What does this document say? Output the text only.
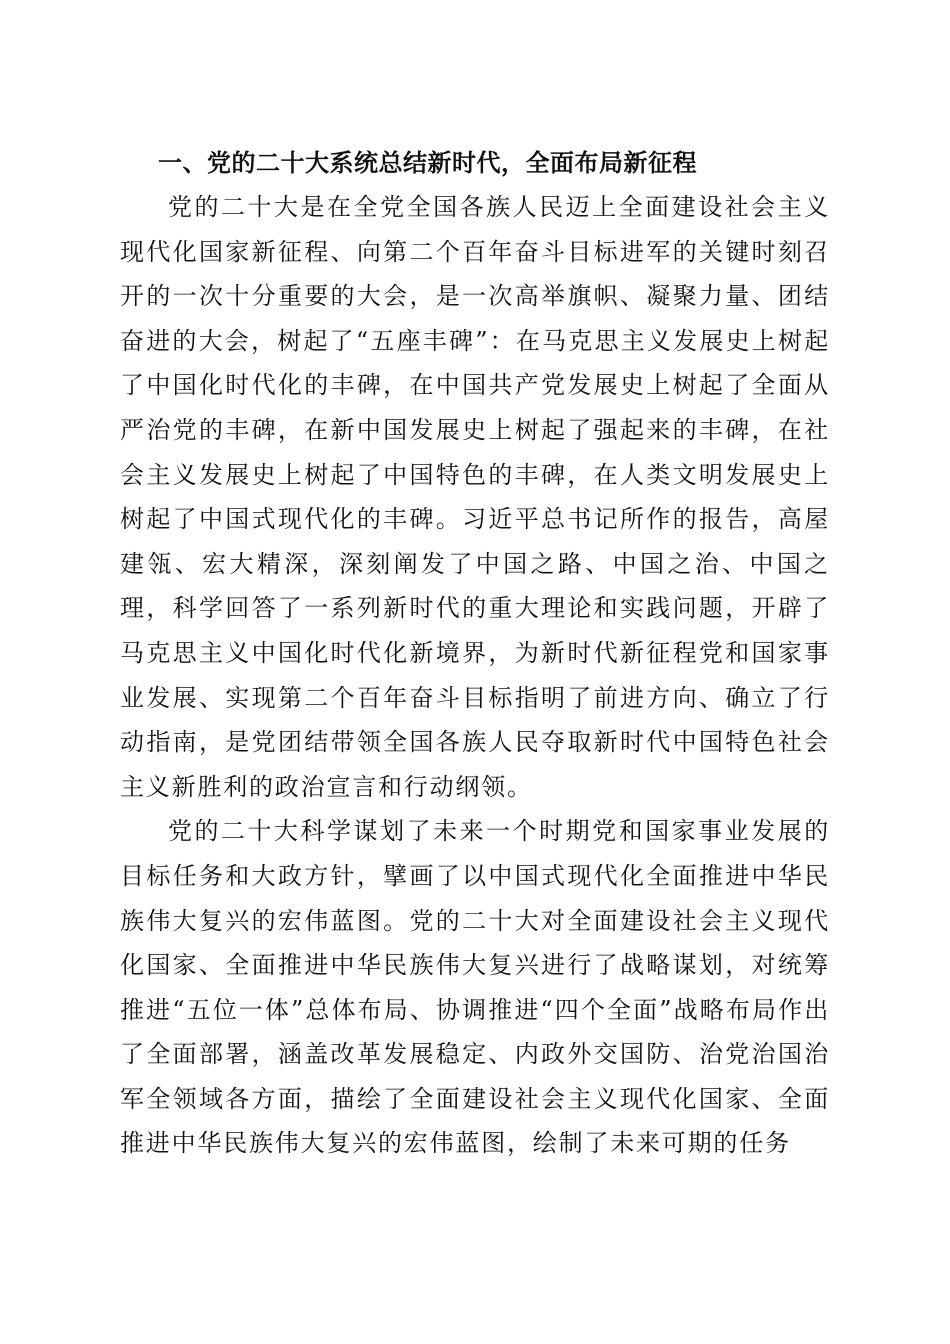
一、党的二十大系统总结新时代，全面布局新征程

党的二十大是在全党全国各族人民迈上全面建设社会主义现代化国家新征程、向第二个百年奋斗目标进军的关键时刻召开的一次十分重要的大会，是一次高举旗帜、凝聚力量、团结奋进的大会，树起了“五座丰碑”：在马克思主义发展史上树起了中国化时代化的丰碑，在中国共产党发展史上树起了全面从严治党的丰碑，在新中国发展史上树起了强起来的丰碑，在社会主义发展史上树起了中国特色的丰碑，在人类文明发展史上树起了中国式现代化的丰碑。习近平总书记所作的报告，高屋建瓴、宏大精深，深刻阐发了中国之路、中国之治、中国之理，科学回答了一系列新时代的重大理论和实践问题，开辟了马克思主义中国化时代化新境界，为新时代新征程党和国家事业发展、实现第二个百年奋斗目标指明了前进方向、确立了行动指南，是党团结带领全国各族人民夺取新时代中国特色社会主义新胜利的政治宣言和行动纲领。

党的二十大科学谋划了未来一个时期党和国家事业发展的目标任务和大政方针，擘画了以中国式现代化全面推进中华民族伟大复兴的宏伟蓝图。党的二十大对全面建设社会主义现代化国家、全面推进中华民族伟大复兴进行了战略谋划，对统筹推进“五位一体”总体布局、协调推进“四个全面”战略布局作出了全面部署，涵盖改革发展稳定、内政外交国防、治党治国治军全领域各方面，描绘了全面建设社会主义现代化国家、全面推进中华民族伟大复兴的宏伟蓝图，绘制了未来可期的任务
